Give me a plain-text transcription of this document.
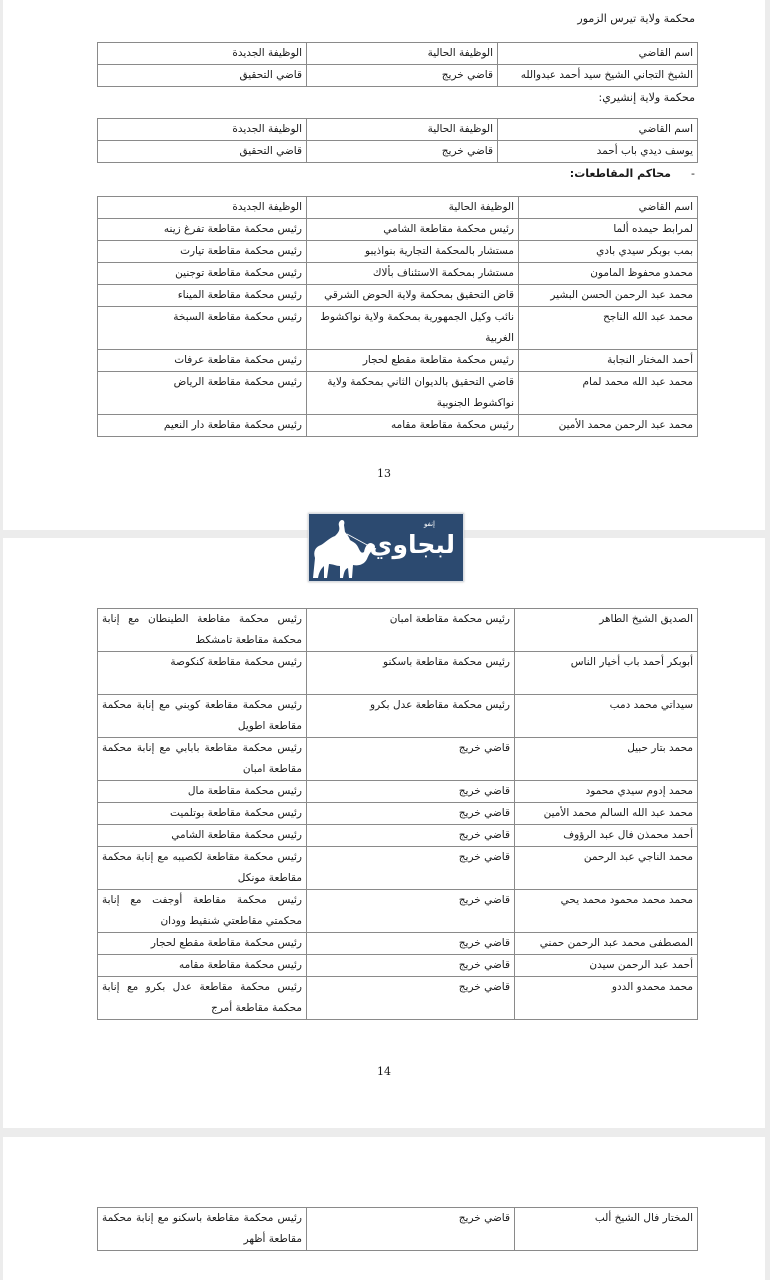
محكمة ولاية تيرس الزمور
اسم القاضي	الوظيفة الحالية	الوظيفة الجديدة
الشيخ التجاني الشيخ سيد أحمد عبدوالله	قاضي خريج	قاضي التحقيق
محكمة ولاية إنشيري:
اسم القاضي	الوظيفة الحالية	الوظيفة الجديدة
يوسف ديدي باب أحمد	قاضي خريج	قاضي التحقيق
-محاكم المقاطعات:
اسم القاضي	الوظيفة الحالية	الوظيفة الجديدة
لمرابط حيمده ألما	رئيس محكمة مقاطعة الشامي	رئيس محكمة مقاطعة تفرغ زينه
بمب بوبكر سيدي بادي	مستشار بالمحكمة التجارية بنواذيبو	رئيس محكمة مقاطعة تيارت
محمدو محفوظ المامون	مستشار بمحكمة الاستئناف بألاك	رئيس محكمة مقاطعة توجنين
محمد عبد الرحمن الحسن البشير	قاض التحقيق بمحكمة ولاية الحوض الشرقي	رئيس محكمة مقاطعة الميناء
محمد عبد الله الناجح	نائب وكيل الجمهورية بمحكمة ولاية نواكشوط الغربية	رئيس محكمة مقاطعة السبخة
أحمد المختار النجابة	رئيس محكمة مقاطعة مقطع لحجار	رئيس محكمة مقاطعة عرفات
محمد عبد الله محمد لمام	قاضي التحقيق بالديوان الثاني بمحكمة ولاية نواكشوط الجنوبية	رئيس محكمة مقاطعة الرياض
محمد عبد الرحمن محمد الأمين	رئيس محكمة مقاطعة مقامه	رئيس محكمة مقاطعة دار النعيم
13
الصديق الشيخ الطاهر	رئيس محكمة مقاطعة امبان	رئيس محكمة مقاطعة الطينطان مع إنابة محكمة مقاطعة تامشكط
أبوبكر أحمد باب أخيار الناس	رئيس محكمة مقاطعة باسكنو	رئيس محكمة مقاطعة كنكوصة
سيداتي محمد دمب	رئيس محكمة مقاطعة عدل بكرو	رئيس محكمة مقاطعة كوبني مع إنابة محكمة مقاطعة اطويل
محمد بتار حبيل	قاضي خريج	رئيس محكمة مقاطعة بابابي مع إنابة محكمة مقاطعة امبان
محمد إدوم سيدي محمود	قاضي خريج	رئيس محكمة مقاطعة مال
محمد عبد الله السالم محمد الأمين	قاضي خريج	رئيس محكمة مقاطعة بوتلميت
أحمد محمذن فال عبد الرؤوف	قاضي خريج	رئيس محكمة مقاطعة الشامي
محمد الناجي عبد الرحمن	قاضي خريج	رئيس محكمة مقاطعة لكصيبه مع إنابة محكمة مقاطعة مونكل
محمد محمد محمود محمد يحي	قاضي خريج	رئيس محكمة مقاطعة أوجفت مع إنابة محكمتي مقاطعتي شنقيط وودان
المصطفى محمد عبد الرحمن حمني	قاضي خريج	رئيس محكمة مقاطعة مقطع لحجار
أحمد عبد الرحمن سيدن	قاضي خريج	رئيس محكمة مقاطعة مقامه
محمد محمدو الددو	قاضي خريج	رئيس محكمة مقاطعة عدل بكرو مع إنابة محكمة مقاطعة أمرج
14
المختار فال الشيخ ألب	قاضي خريج	رئيس محكمة مقاطعة باسكنو مع إنابة محكمة مقاطعة أظهر
إنفو
لبجاوي
